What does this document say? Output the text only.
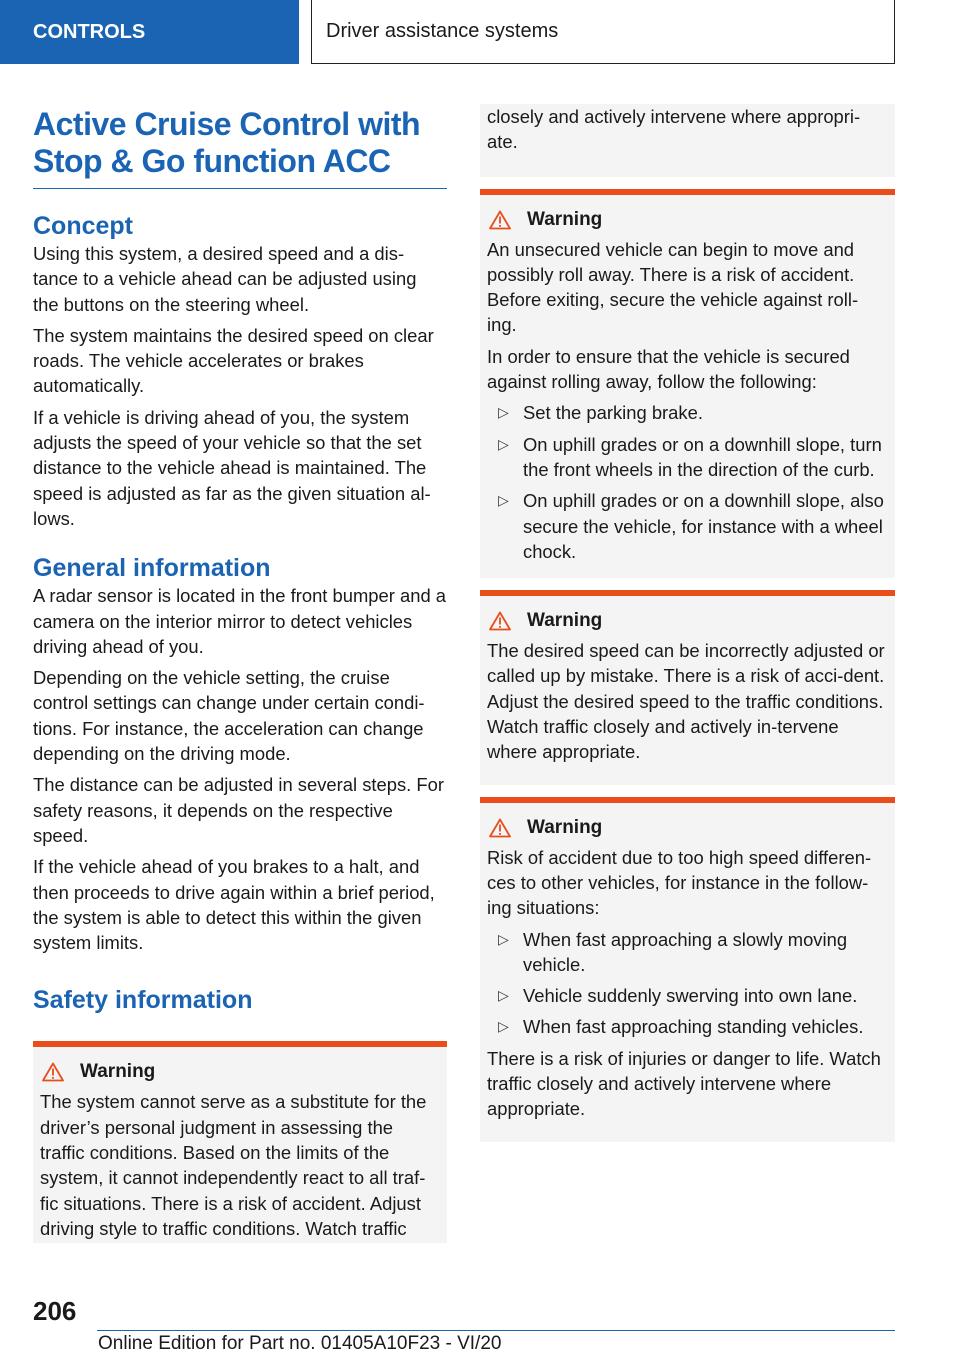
CONTROLS	Driver assistance systems
Active Cruise Control with
Stop & Go function ACC
Concept

Using this system, a desired speed and a dis-tance to a vehicle ahead can be adjusted using the buttons on the steering wheel.

The system maintains the desired speed on clear roads. The vehicle accelerates or brakes automatically.

If a vehicle is driving ahead of you, the system adjusts the speed of your vehicle so that the set distance to the vehicle ahead is maintained. The speed is adjusted as far as the given situation al-lows.

General information

A radar sensor is located in the front bumper and a camera on the interior mirror to detect vehicles driving ahead of you.

Depending on the vehicle setting, the cruise control settings can change under certain condi-tions. For instance, the acceleration can change depending on the driving mode.

The distance can be adjusted in several steps. For safety reasons, it depends on the respective speed.

If the vehicle ahead of you brakes to a halt, and then proceeds to drive again within a brief period, the system is able to detect this within the given system limits.

Safety information
Warning

The system cannot serve as a substitute for the driver’s personal judgment in assessing the traffic conditions. Based on the limits of the system, it cannot independently react to all traf-fic situations. There is a risk of accident. Adjust driving style to traffic conditions. Watch traffic

closely and actively intervene where appropri-ate.

Warning

An unsecured vehicle can begin to move and possibly roll away. There is a risk of accident. Before exiting, secure the vehicle against roll-ing.

In order to ensure that the vehicle is secured against rolling away, follow the following:

▷ Set the parking brake.
▷ On uphill grades or on a downhill slope, turn the front wheels in the direction of the curb.
▷ On uphill grades or on a downhill slope, also secure the vehicle, for instance with a wheel chock.
Warning

The desired speed can be incorrectly adjusted or called up by mistake. There is a risk of acci-dent. Adjust the desired speed to the traffic conditions. Watch traffic closely and actively in-tervene where appropriate.

Warning

Risk of accident due to too high speed differen-ces to other vehicles, for instance in the follow-ing situations:

▷ When fast approaching a slowly moving vehicle.
▷ Vehicle suddenly swerving into own lane.
▷ When fast approaching standing vehicles.

There is a risk of injuries or danger to life. Watch traffic closely and actively intervene where appropriate.

206
Online Edition for Part no. 01405A10F23 - VI/20
